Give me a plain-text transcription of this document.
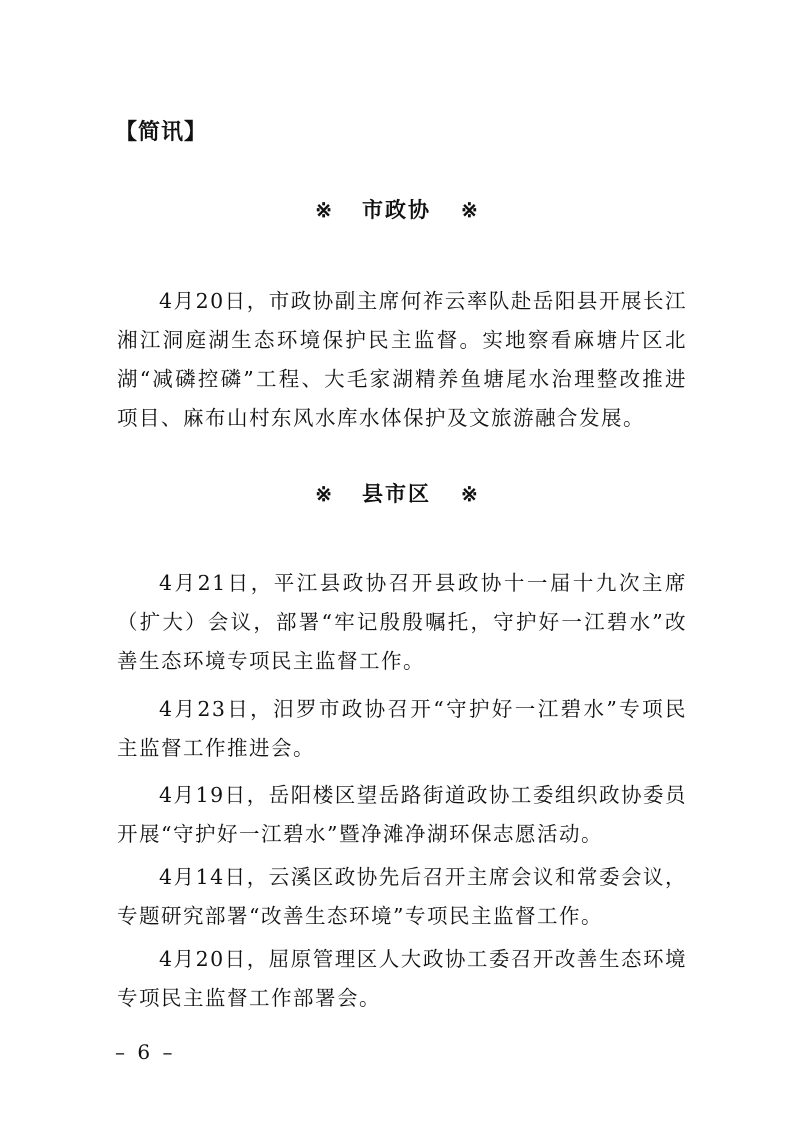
【简讯】
※ 市政协 ※

4月20日，市政协副主席何祚云率队赴岳阳县开展长江湘江洞庭湖生态环境保护民主监督。实地察看麻塘片区北湖“减磷控磷”工程、大毛家湖精养鱼塘尾水治理整改推进项目、麻布山村东风水库水体保护及文旅游融合发展。

※ 县市区 ※

4月21日，平江县政协召开县政协十一届十九次主席（扩大）会议，部署“牢记殷殷嘱托，守护好一江碧水”改善生态环境专项民主监督工作。

4月23日，汨罗市政协召开“守护好一江碧水”专项民主监督工作推进会。

4月19日，岳阳楼区望岳路街道政协工委组织政协委员开展“守护好一江碧水”暨净滩净湖环保志愿活动。

4月14日，云溪区政协先后召开主席会议和常委会议，专题研究部署“改善生态环境”专项民主监督工作。

4月20日，屈原管理区人大政协工委召开改善生态环境专项民主监督工作部署会。

– 6 –
